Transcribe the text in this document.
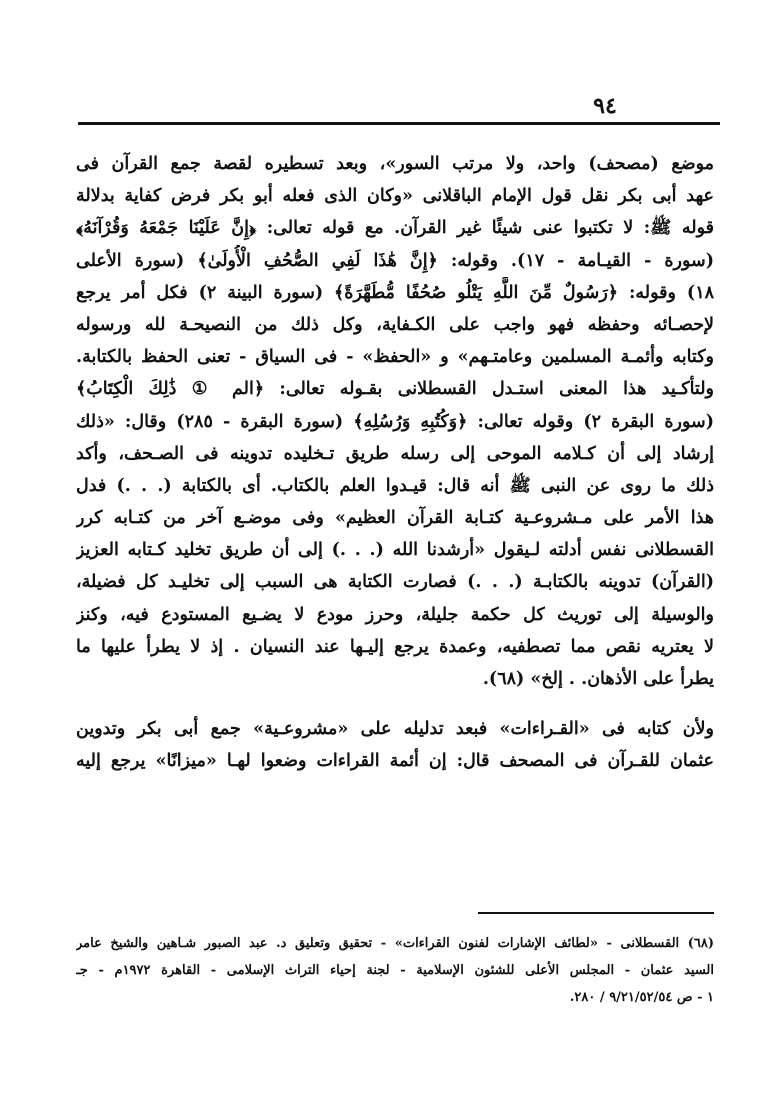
٩٤
موضع (مصحف) واحد، ولا مرتب السور»، وبعد تسطيره لقصة جمع القرآن فى
عهد أبى بكر نقل قول الإمام الباقلانى «وكان الذى فعله أبو بكر فرض كفاية بدلالة
قوله ﷺ: لا تكتبوا عنى شيئًا غير القرآن. مع قوله تعالى: ﴿إِنَّ عَلَيْنَا جَمْعَهُ وَقُرْآنَهُ﴾
(سورة - القيـامة - ١٧). وقوله: ﴿إِنَّ هَٰذَا لَفِي الصُّحُفِ الْأُولَىٰ﴾ (سورة الأعلى
١٨) وقوله: ﴿رَسُولٌ مِّنَ اللَّهِ يَتْلُو صُحُفًا مُّطَهَّرَةً﴾ (سورة البينة ٢) فكل أمر يرجع
لإحصـائه وحفظه فهو واجب على الكـفاية، وكل ذلك من النصيحـة لله ورسوله
وكتابه وأئمـة المسلمين وعامتـهم» و «الحفظ» - فى السياق - تعنى الحفظ بالكتابة.
ولتأكـيد هذا المعنى استـدل القسطلانى بقـوله تعالى: ﴿الم ① ذَٰلِكَ الْكِتَابُ﴾
(سورة البقرة ٢) وقوله تعالى: ﴿وَكُتُبِهِ وَرُسُلِهِ﴾ (سورة البقرة - ٢٨٥) وقال: «ذلك
إرشاد إلى أن كـلامه الموحى إلى رسله طريق تـخليده تدوينه فى الصـحف، وأكد
ذلك ما روى عن النبى ﷺ أنه قال: قيـدوا العلم بالكتاب. أى بالكتابة (. . .) فدل
هذا الأمر على مـشروعـية كتـابة القرآن العظيم» وفى موضـع آخر من كتـابه كرر
القسطلانى نفس أدلته لـيقول «أرشدنا الله (. . .) إلى أن طريق تخليد كـتابه العزيز
(القرآن) تدوينه بالكتابـة (. . .) فصارت الكتابة هى السبب إلى تخليـد كل فضيلة،
والوسيلة إلى توريث كل حكمة جليلة، وحرز مودع لا يضـيع المستودع فيه، وكنز
لا يعتريه نقص مما تصطفيه، وعمدة يرجع إليـها عند النسيان . إذ لا يطرأ عليها ما
يطرأ على الأذهان. . إلخ» (٦٨).
ولأن كتابه فى «القـراءات» فبعد تدليله على «مشروعـية» جمع أبى بكر وتدوين
عثمان للقـرآن فى المصحف قال: إن أئمة القراءات وضعوا لهـا «ميزانًا» يرجع إليه
(٦٨) القسطلانى - «لطائف الإشارات لفنون القراءات» - تحقيق وتعليق د. عبد الصبور شـاهين والشيخ عامر
السيد عثمان - المجلس الأعلى للشئون الإسلامية - لجنة إحياء التراث الإسلامى - القاهرة ١٩٧٢م - جـ
١ - ص ٩/٢١/٥٢/٥٤ / ٢٨٠.
